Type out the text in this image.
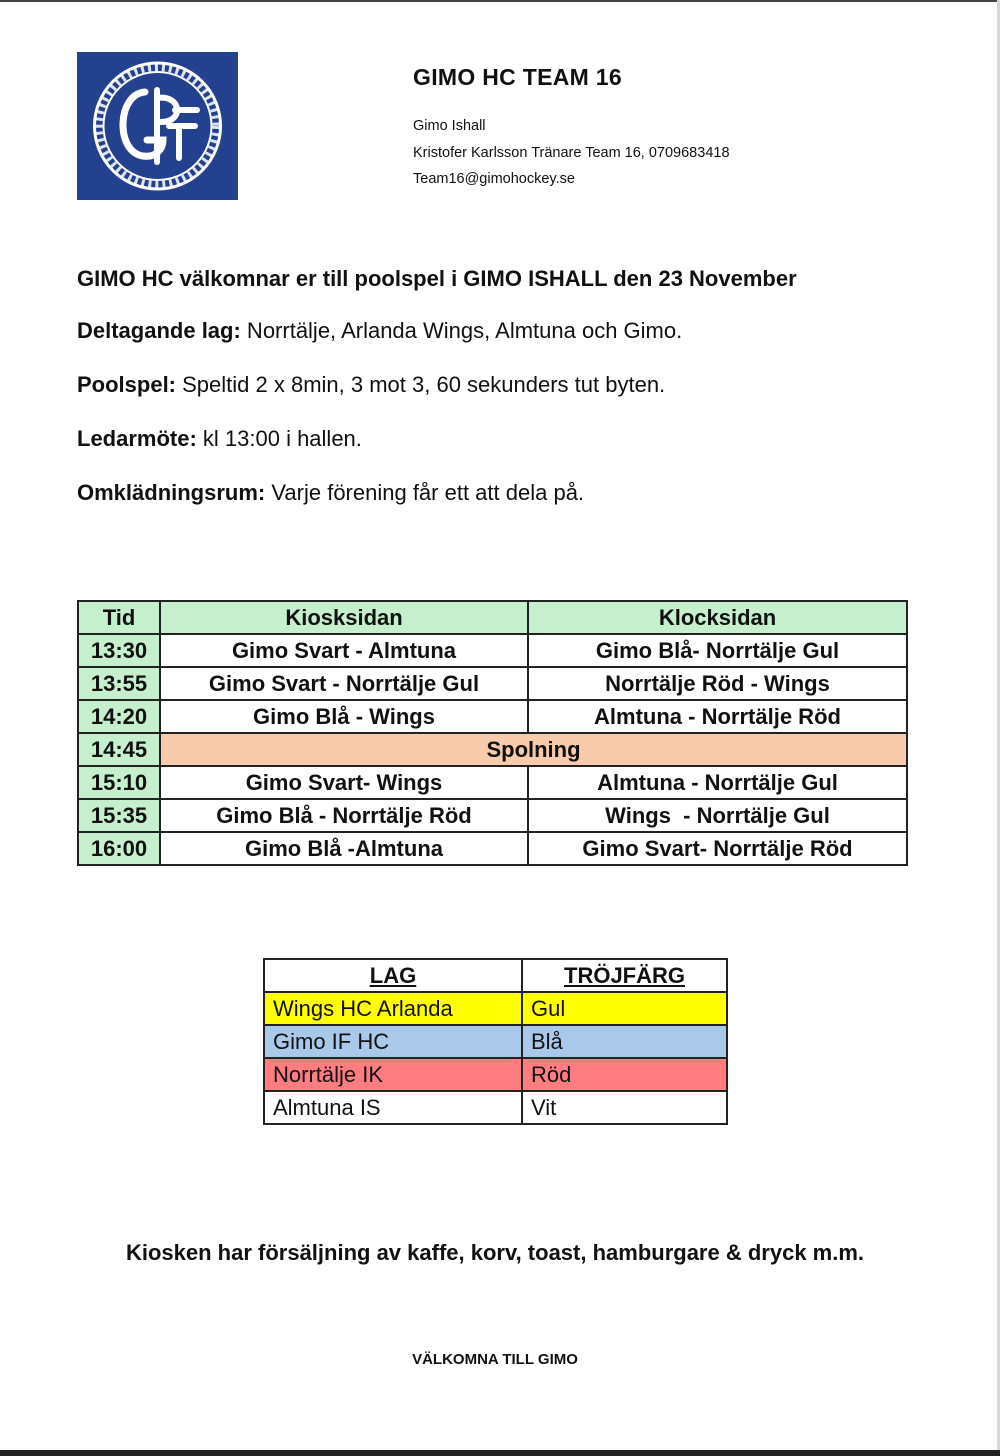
GIMO HC TEAM 16

Gimo Ishall

Kristofer Karlsson Tränare Team 16, 0709683418

Team16@gimohockey.se

GIMO HC välkomnar er till poolspel i GIMO ISHALL den 23 November

Deltagande lag: Norrtälje, Arlanda Wings, Almtuna och Gimo.

Poolspel: Speltid 2 x 8min, 3 mot 3, 60 sekunders tut byten.

Ledarmöte: kl 13:00 i hallen.

Omklädningsrum: Varje förening får ett att dela på.

Tid	Kiosksidan	Klocksidan
13:30	Gimo Svart - Almtuna	Gimo Blå- Norrtälje Gul
13:55	Gimo Svart - Norrtälje Gul	Norrtälje Röd - Wings
14:20	Gimo Blå - Wings	Almtuna - Norrtälje Röd
14:45	Spolning	
15:10	Gimo Svart- Wings	Almtuna - Norrtälje Gul
15:35	Gimo Blå - Norrtälje Röd	Wings  - Norrtälje Gul
16:00	Gimo Blå -Almtuna	Gimo Svart- Norrtälje Röd
LAG	TRÖJFÄRG
Wings HC Arlanda	Gul
Gimo IF HC	Blå
Norrtälje IK	Röd
Almtuna IS	Vit

Kiosken har försäljning av kaffe, korv, toast, hamburgare & dryck m.m.

VÄLKOMNA TILL GIMO
